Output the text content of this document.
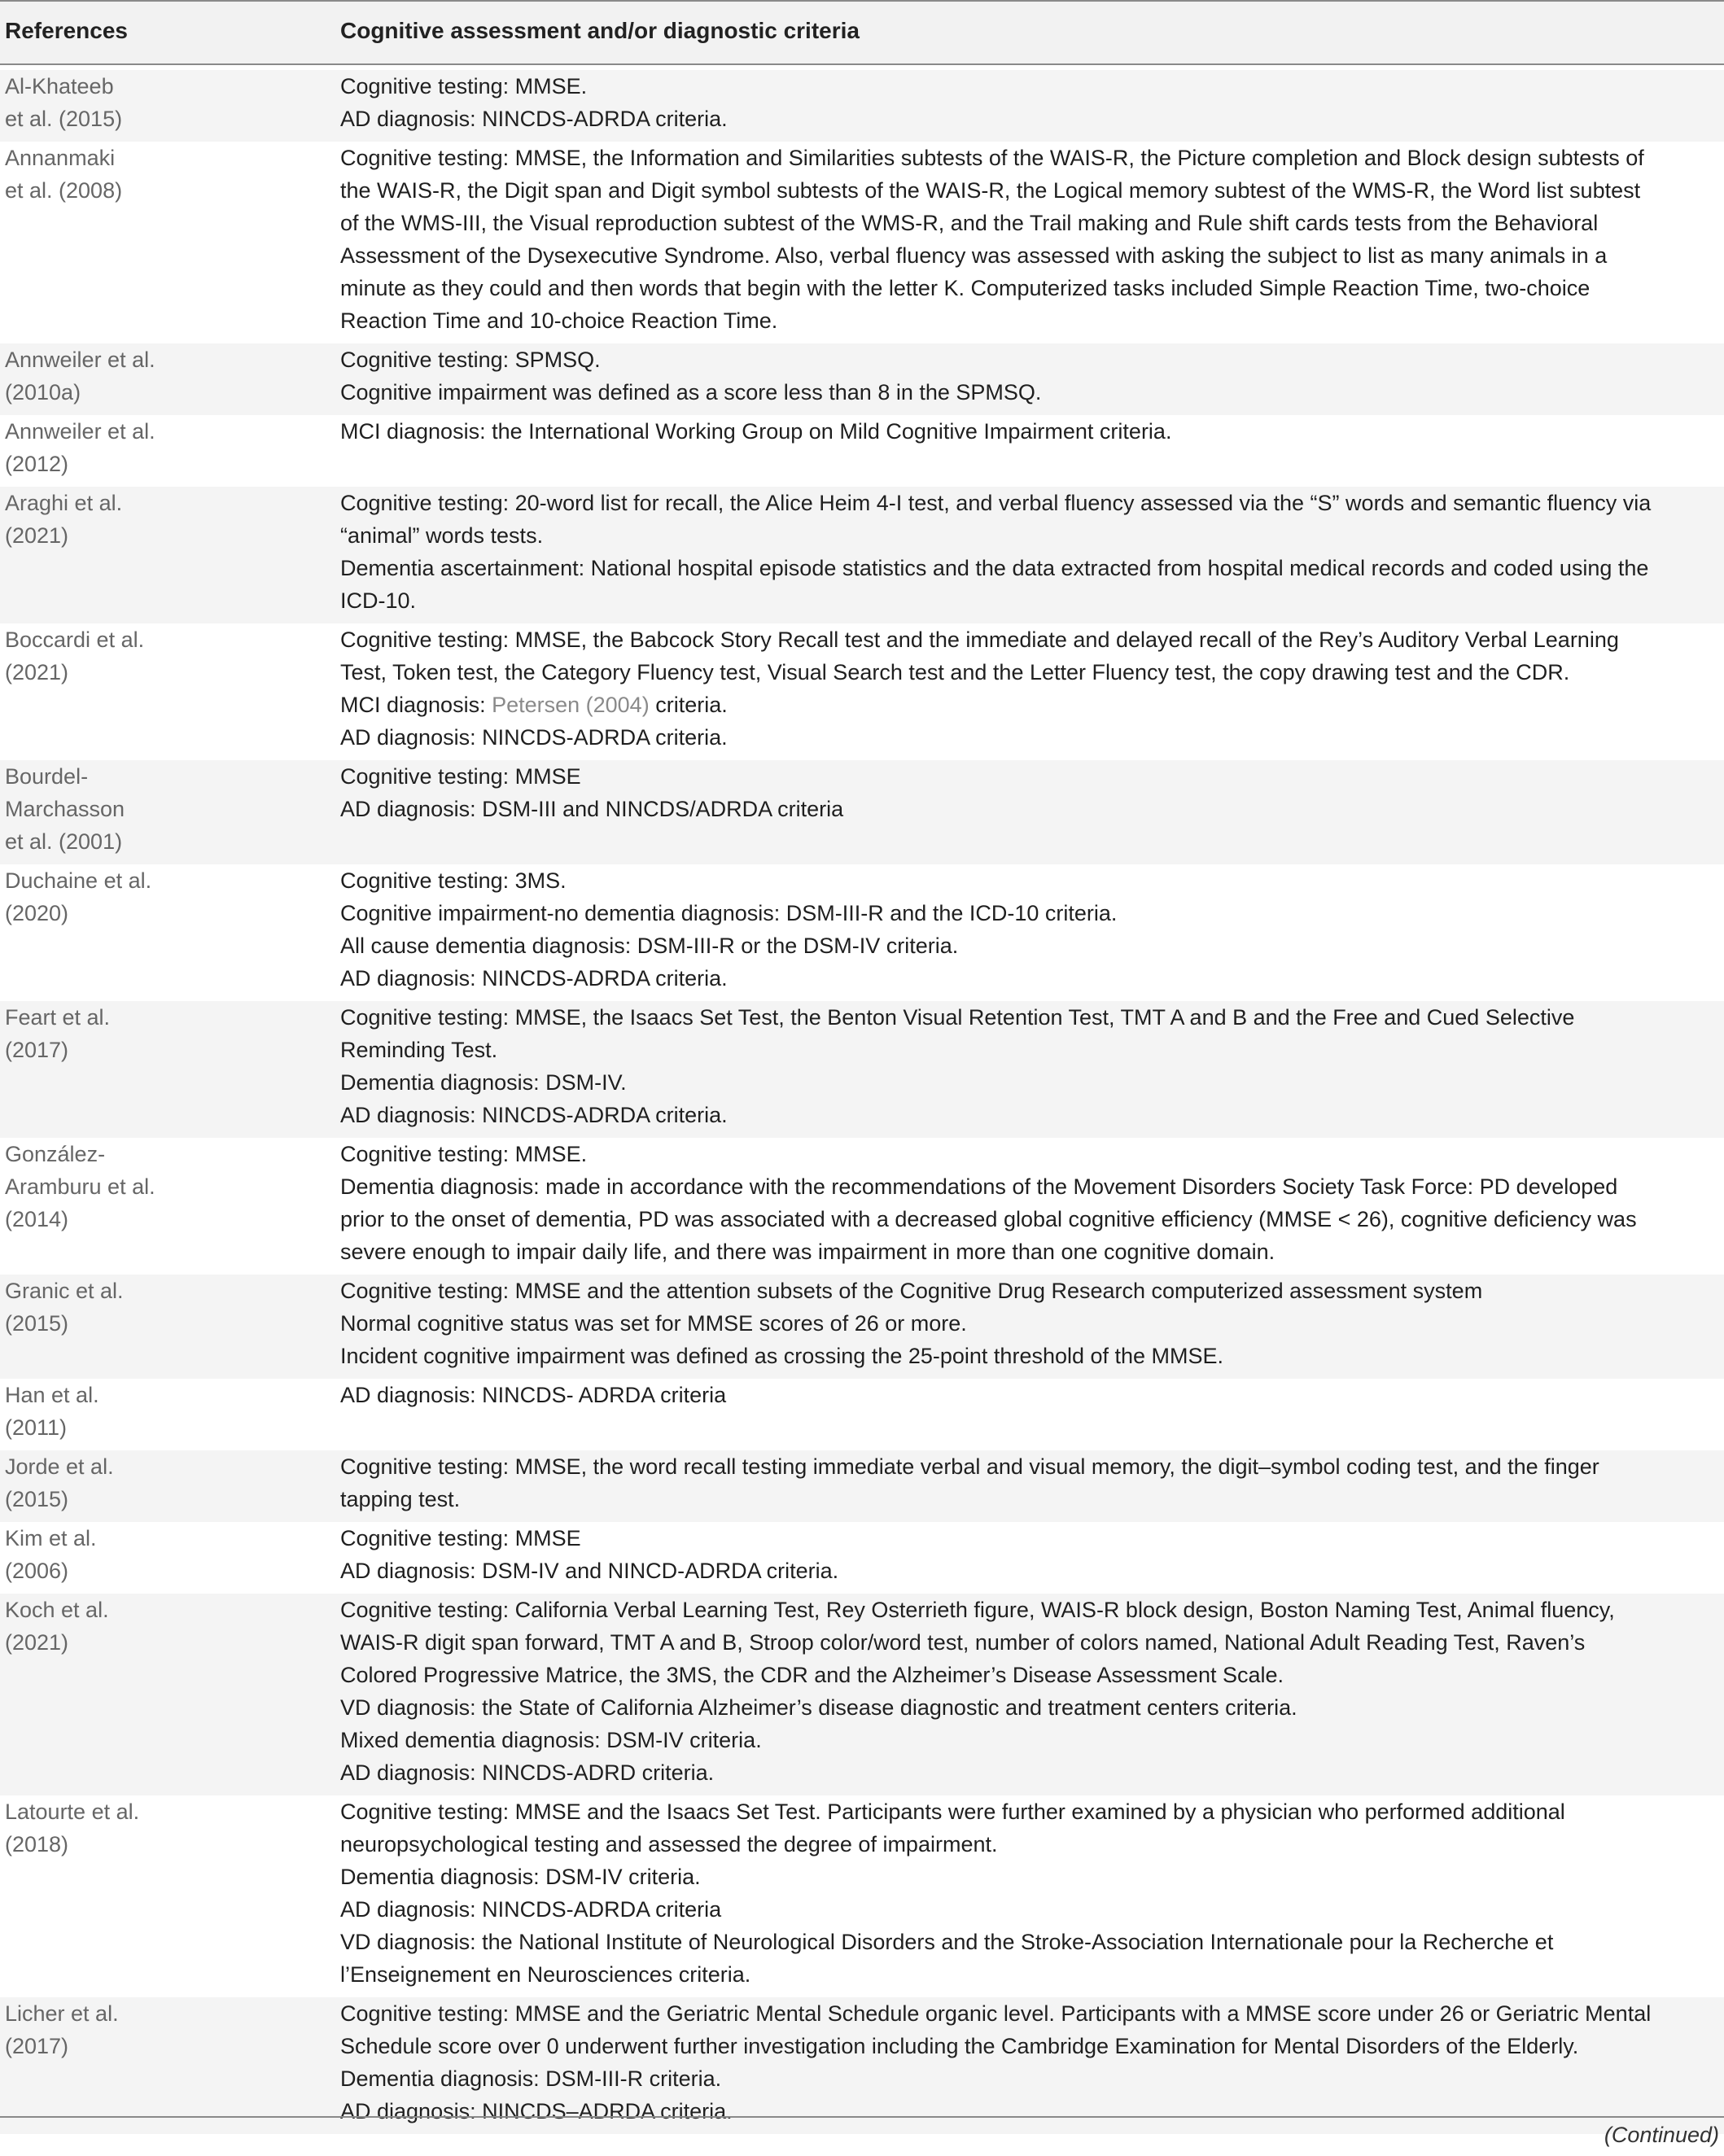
References	Cognitive assessment and/or diagnostic criteria
Al-Khateeb
et al. (2015)
Cognitive testing: MMSE.
AD diagnosis: NINCDS-ADRDA criteria.
Annanmaki
et al. (2008)
Cognitive testing: MMSE, the Information and Similarities subtests of the WAIS-R, the Picture completion and Block design subtests of
the WAIS-R, the Digit span and Digit symbol subtests of the WAIS-R, the Logical memory subtest of the WMS-R, the Word list subtest
of the WMS-III, the Visual reproduction subtest of the WMS-R, and the Trail making and Rule shift cards tests from the Behavioral
Assessment of the Dysexecutive Syndrome. Also, verbal fluency was assessed with asking the subject to list as many animals in a
minute as they could and then words that begin with the letter K. Computerized tasks included Simple Reaction Time, two-choice
Reaction Time and 10-choice Reaction Time.
Annweiler et al.
(2010a)
Cognitive testing: SPMSQ.
Cognitive impairment was defined as a score less than 8 in the SPMSQ.
Annweiler et al.
(2012)
MCI diagnosis: the International Working Group on Mild Cognitive Impairment criteria.
Araghi et al.
(2021)
Cognitive testing: 20-word list for recall, the Alice Heim 4-I test, and verbal fluency assessed via the “S” words and semantic fluency via
“animal” words tests.
Dementia ascertainment: National hospital episode statistics and the data extracted from hospital medical records and coded using the
ICD-10.
Boccardi et al.
(2021)
Cognitive testing: MMSE, the Babcock Story Recall test and the immediate and delayed recall of the Rey’s Auditory Verbal Learning
Test, Token test, the Category Fluency test, Visual Search test and the Letter Fluency test, the copy drawing test and the CDR.
MCI diagnosis: Petersen (2004) criteria.
AD diagnosis: NINCDS-ADRDA criteria.
Bourdel-
Marchasson
et al. (2001)
Cognitive testing: MMSE
AD diagnosis: DSM-III and NINCDS/ADRDA criteria
Duchaine et al.
(2020)
Cognitive testing: 3MS.
Cognitive impairment-no dementia diagnosis: DSM-III-R and the ICD-10 criteria.
All cause dementia diagnosis: DSM-III-R or the DSM-IV criteria.
AD diagnosis: NINCDS-ADRDA criteria.
Feart et al.
(2017)
Cognitive testing: MMSE, the Isaacs Set Test, the Benton Visual Retention Test, TMT A and B and the Free and Cued Selective
Reminding Test.
Dementia diagnosis: DSM-IV.
AD diagnosis: NINCDS-ADRDA criteria.
González-
Aramburu et al.
(2014)
Cognitive testing: MMSE.
Dementia diagnosis: made in accordance with the recommendations of the Movement Disorders Society Task Force: PD developed
prior to the onset of dementia, PD was associated with a decreased global cognitive efficiency (MMSE < 26), cognitive deficiency was
severe enough to impair daily life, and there was impairment in more than one cognitive domain.
Granic et al.
(2015)
Cognitive testing: MMSE and the attention subsets of the Cognitive Drug Research computerized assessment system
Normal cognitive status was set for MMSE scores of 26 or more.
Incident cognitive impairment was defined as crossing the 25-point threshold of the MMSE.
Han et al.
(2011)
AD diagnosis: NINCDS- ADRDA criteria
Jorde et al.
(2015)
Cognitive testing: MMSE, the word recall testing immediate verbal and visual memory, the digit–symbol coding test, and the finger
tapping test.
Kim et al.
(2006)
Cognitive testing: MMSE
AD diagnosis: DSM-IV and NINCD-ADRDA criteria.
Koch et al.
(2021)
Cognitive testing: California Verbal Learning Test, Rey Osterrieth figure, WAIS-R block design, Boston Naming Test, Animal fluency,
WAIS-R digit span forward, TMT A and B, Stroop color/word test, number of colors named, National Adult Reading Test, Raven’s
Colored Progressive Matrice, the 3MS, the CDR and the Alzheimer’s Disease Assessment Scale.
VD diagnosis: the State of California Alzheimer’s disease diagnostic and treatment centers criteria.
Mixed dementia diagnosis: DSM-IV criteria.
AD diagnosis: NINCDS-ADRD criteria.
Latourte et al.
(2018)
Cognitive testing: MMSE and the Isaacs Set Test. Participants were further examined by a physician who performed additional
neuropsychological testing and assessed the degree of impairment.
Dementia diagnosis: DSM-IV criteria.
AD diagnosis: NINCDS-ADRDA criteria
VD diagnosis: the National Institute of Neurological Disorders and the Stroke-Association Internationale pour la Recherche et
l’Enseignement en Neurosciences criteria.
Licher et al.
(2017)
Cognitive testing: MMSE and the Geriatric Mental Schedule organic level. Participants with a MMSE score under 26 or Geriatric Mental
Schedule score over 0 underwent further investigation including the Cambridge Examination for Mental Disorders of the Elderly.
Dementia diagnosis: DSM-III-R criteria.
AD diagnosis: NINCDS–ADRDA criteria.
(Continued)
